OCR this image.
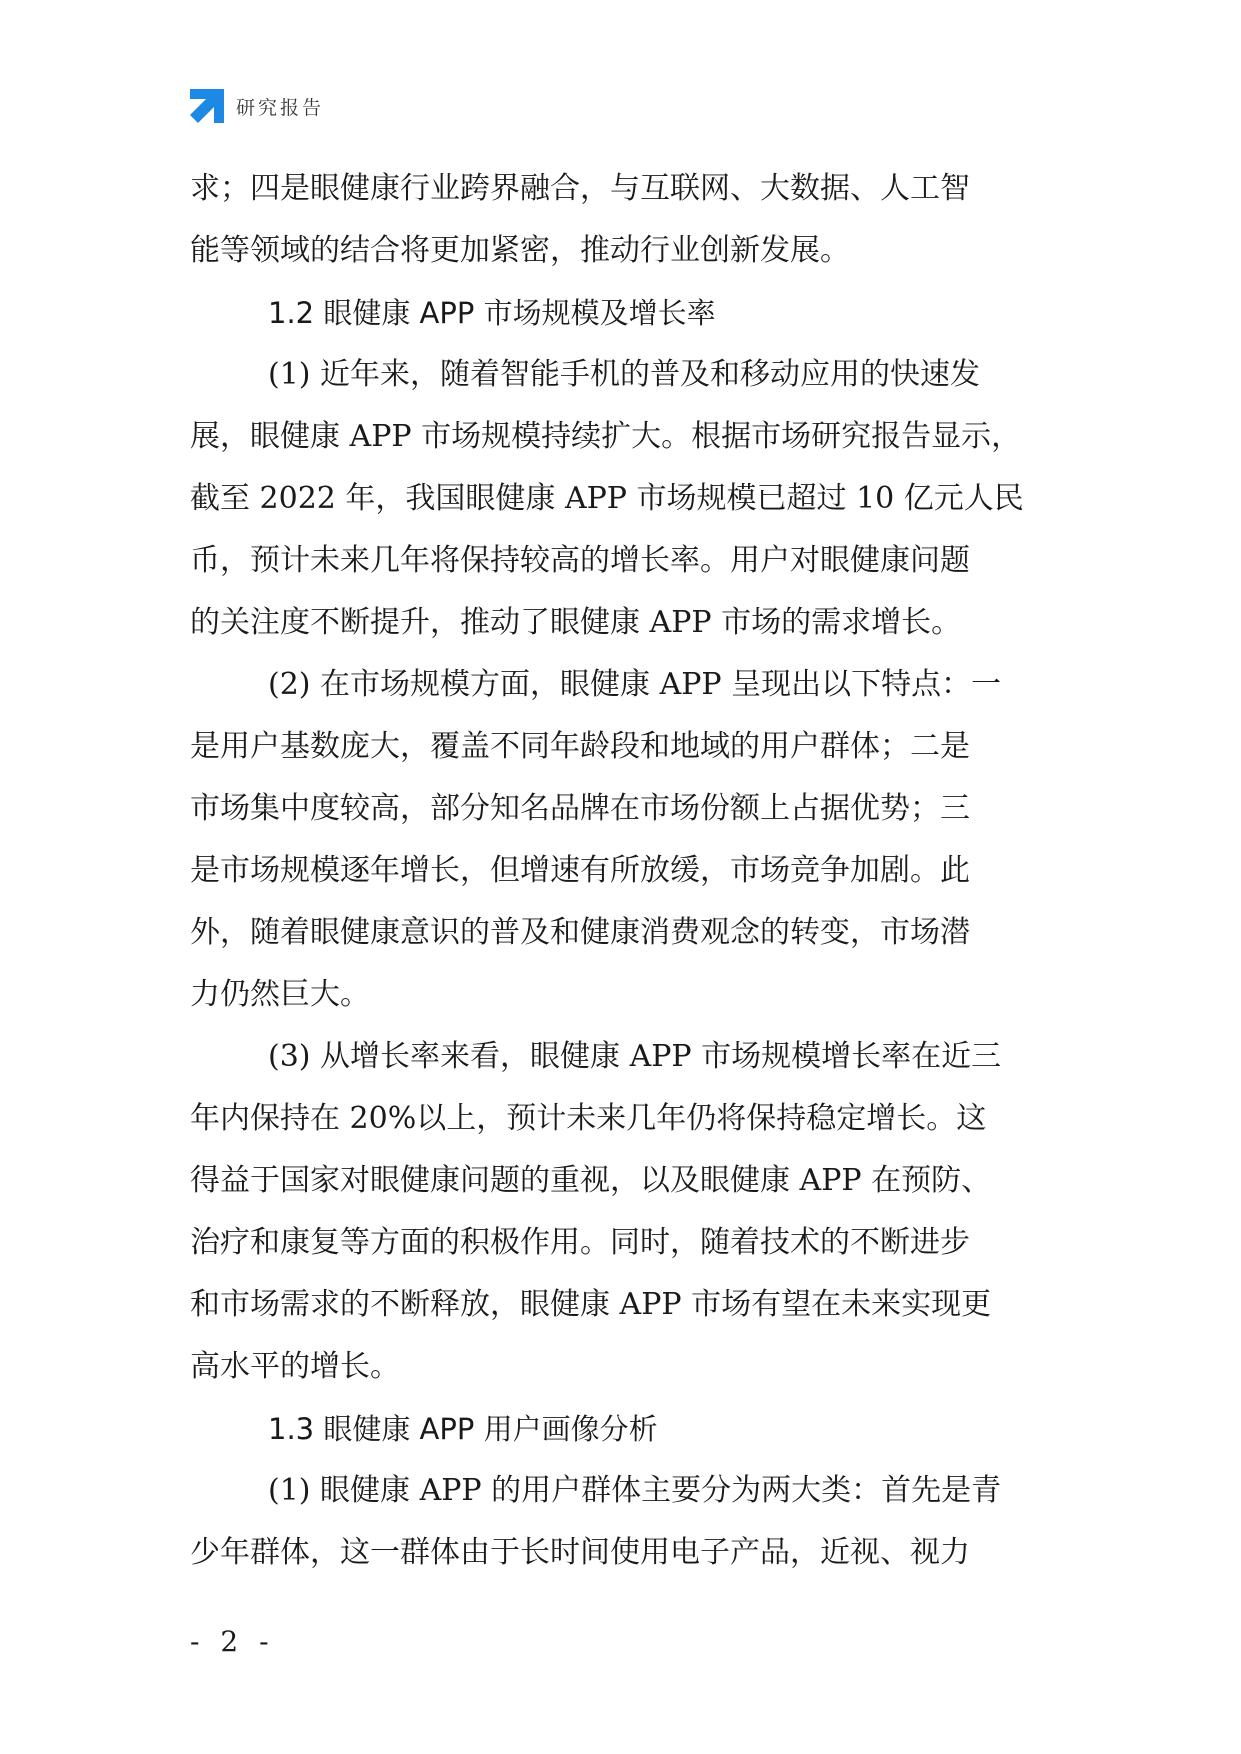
研究报告
求；四是眼健康行业跨界融合，与互联网、大数据、人工智
能等领域的结合将更加紧密，推动行业创新发展。
1.2 眼健康 APP 市场规模及增长率
(1) 近年来，随着智能手机的普及和移动应用的快速发
展，眼健康 APP 市场规模持续扩大。根据市场研究报告显示，
截至 2022 年，我国眼健康 APP 市场规模已超过 10 亿元人民
币，预计未来几年将保持较高的增长率。用户对眼健康问题
的关注度不断提升，推动了眼健康 APP 市场的需求增长。
(2) 在市场规模方面，眼健康 APP 呈现出以下特点：一
是用户基数庞大，覆盖不同年龄段和地域的用户群体；二是
市场集中度较高，部分知名品牌在市场份额上占据优势；三
是市场规模逐年增长，但增速有所放缓，市场竞争加剧。此
外，随着眼健康意识的普及和健康消费观念的转变，市场潜
力仍然巨大。
(3) 从增长率来看，眼健康 APP 市场规模增长率在近三
年内保持在 20%以上，预计未来几年仍将保持稳定增长。这
得益于国家对眼健康问题的重视，以及眼健康 APP 在预防、
治疗和康复等方面的积极作用。同时，随着技术的不断进步
和市场需求的不断释放，眼健康 APP 市场有望在未来实现更
高水平的增长。
1.3 眼健康 APP 用户画像分析
(1) 眼健康 APP 的用户群体主要分为两大类：首先是青
少年群体，这一群体由于长时间使用电子产品，近视、视力
- 2 -
